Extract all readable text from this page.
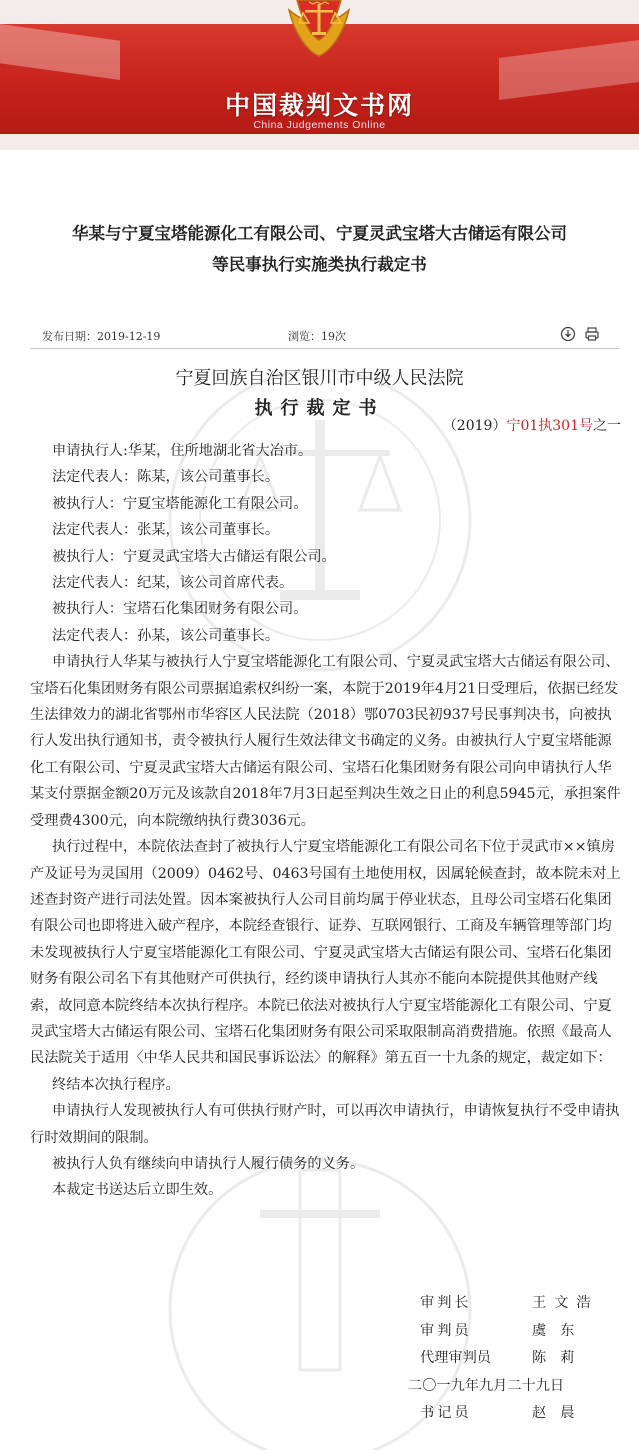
中国裁判文书网
China Judgements Online
华某与宁夏宝塔能源化工有限公司、宁夏灵武宝塔大古储运有限公司
等民事执行实施类执行裁定书
发布日期：2019-12-19	浏览：19次

宁夏回族自治区银川市中级人民法院
执行裁定书
（2019）宁01执301号之一

申请执行人:华某，住所地湖北省大冶市。

法定代表人：陈某，该公司董事长。

被执行人：宁夏宝塔能源化工有限公司。

法定代表人：张某，该公司董事长。

被执行人：宁夏灵武宝塔大古储运有限公司。

法定代表人：纪某，该公司首席代表。

被执行人：宝塔石化集团财务有限公司。

法定代表人：孙某，该公司董事长。

申请执行人华某与被执行人宁夏宝塔能源化工有限公司、宁夏灵武宝塔大古储运有限公司、宝塔石化集团财务有限公司票据追索权纠纷一案，本院于2019年4月21日受理后，依据已经发生法律效力的湖北省鄂州市华容区人民法院（2018）鄂0703民初937号民事判决书，向被执行人发出执行通知书，责令被执行人履行生效法律文书确定的义务。由被执行人宁夏宝塔能源化工有限公司、宁夏灵武宝塔大古储运有限公司、宝塔石化集团财务有限公司向申请执行人华某支付票据金额20万元及该款自2018年7月3日起至判决生效之日止的利息5945元，承担案件受理费4300元，向本院缴纳执行费3036元。

执行过程中，本院依法查封了被执行人宁夏宝塔能源化工有限公司名下位于灵武市××镇房产及证号为灵国用（2009）0462号、0463号国有土地使用权，因属轮候查封，故本院未对上述查封资产进行司法处置。因本案被执行人公司目前均属于停业状态，且母公司宝塔石化集团有限公司也即将进入破产程序，本院经查银行、证券、互联网银行、工商及车辆管理等部门均未发现被执行人宁夏宝塔能源化工有限公司、宁夏灵武宝塔大古储运有限公司、宝塔石化集团财务有限公司名下有其他财产可供执行，经约谈申请执行人其亦不能向本院提供其他财产线索，故同意本院终结本次执行程序。本院已依法对被执行人宁夏宝塔能源化工有限公司、宁夏灵武宝塔大古储运有限公司、宝塔石化集团财务有限公司采取限制高消费措施。依照《最高人民法院关于适用〈中华人民共和国民事诉讼法〉的解释》第五百一十九条的规定，裁定如下：

终结本次执行程序。

申请执行人发现被执行人有可供执行财产时，可以再次申请执行，申请恢复执行不受申请执行时效期间的限制。

被执行人负有继续向申请执行人履行债务的义务。

本裁定书送达后立即生效。

审判长	王文浩
审判员	虞东
代理审判员	陈莉
二〇一九年九月二十九日
书记员	赵晨
